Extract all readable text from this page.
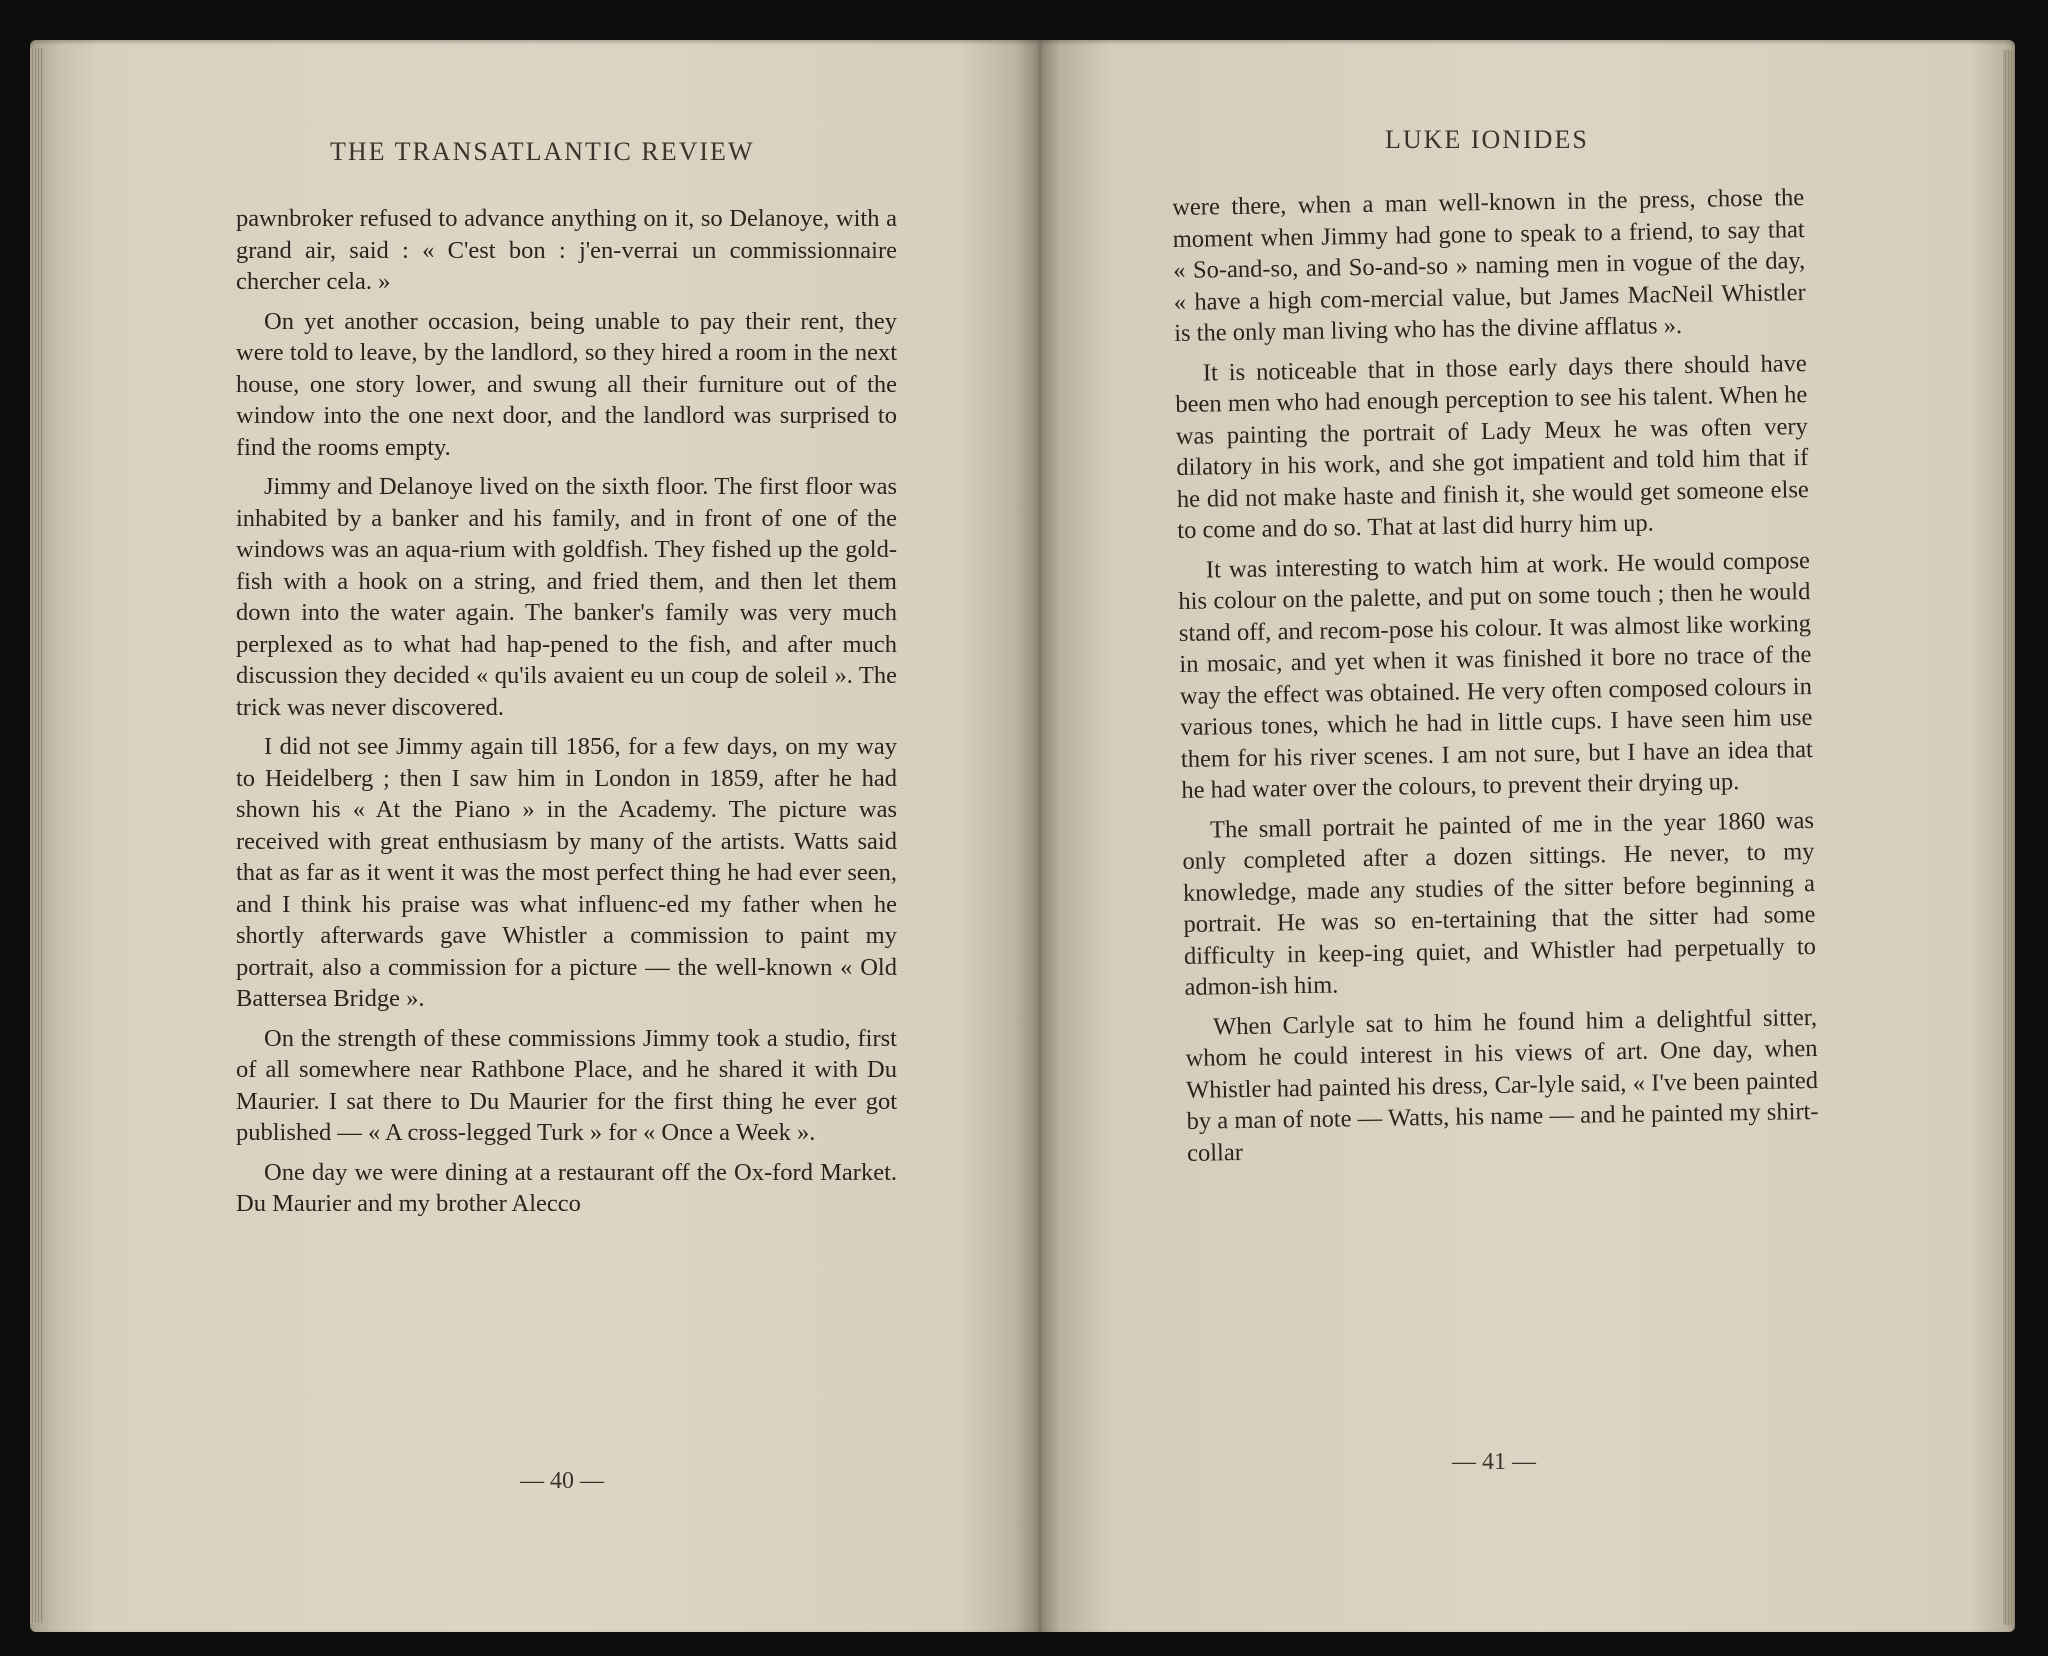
THE TRANSATLANTIC REVIEW

pawnbroker refused to advance anything on it, so Delanoye, with a grand air, said : « C'est bon : j'en-verrai un commissionnaire chercher cela. »

On yet another occasion, being unable to pay their rent, they were told to leave, by the landlord, so they hired a room in the next house, one story lower, and swung all their furniture out of the window into the one next door, and the landlord was surprised to find the rooms empty.

Jimmy and Delanoye lived on the sixth floor. The first floor was inhabited by a banker and his family, and in front of one of the windows was an aqua-rium with goldfish. They fished up the gold-fish with a hook on a string, and fried them, and then let them down into the water again. The banker's family was very much perplexed as to what had hap-pened to the fish, and after much discussion they decided « qu'ils avaient eu un coup de soleil ». The trick was never discovered.

I did not see Jimmy again till 1856, for a few days, on my way to Heidelberg ; then I saw him in London in 1859, after he had shown his « At the Piano » in the Academy. The picture was received with great enthusiasm by many of the artists. Watts said that as far as it went it was the most perfect thing he had ever seen, and I think his praise was what influenc-ed my father when he shortly afterwards gave Whistler a commission to paint my portrait, also a commission for a picture — the well-known « Old Battersea Bridge ».

On the strength of these commissions Jimmy took a studio, first of all somewhere near Rathbone Place, and he shared it with Du Maurier. I sat there to Du Maurier for the first thing he ever got published — « A cross-legged Turk » for « Once a Week ».

One day we were dining at a restaurant off the Ox-ford Market. Du Maurier and my brother Alecco

— 40 —
LUKE IONIDES

were there, when a man well-known in the press, chose the moment when Jimmy had gone to speak to a friend, to say that « So-and-so, and So-and-so » naming men in vogue of the day, « have a high com-mercial value, but James MacNeil Whistler is the only man living who has the divine afflatus ».

It is noticeable that in those early days there should have been men who had enough perception to see his talent. When he was painting the portrait of Lady Meux he was often very dilatory in his work, and she got impatient and told him that if he did not make haste and finish it, she would get someone else to come and do so. That at last did hurry him up.

It was interesting to watch him at work. He would compose his colour on the palette, and put on some touch ; then he would stand off, and recom-pose his colour. It was almost like working in mosaic, and yet when it was finished it bore no trace of the way the effect was obtained. He very often composed colours in various tones, which he had in little cups. I have seen him use them for his river scenes. I am not sure, but I have an idea that he had water over the colours, to prevent their drying up.

The small portrait he painted of me in the year 1860 was only completed after a dozen sittings. He never, to my knowledge, made any studies of the sitter before beginning a portrait. He was so en-tertaining that the sitter had some difficulty in keep-ing quiet, and Whistler had perpetually to admon-ish him.

When Carlyle sat to him he found him a delightful sitter, whom he could interest in his views of art. One day, when Whistler had painted his dress, Car-lyle said, « I've been painted by a man of note — Watts, his name — and he painted my shirt-collar

— 41 —
